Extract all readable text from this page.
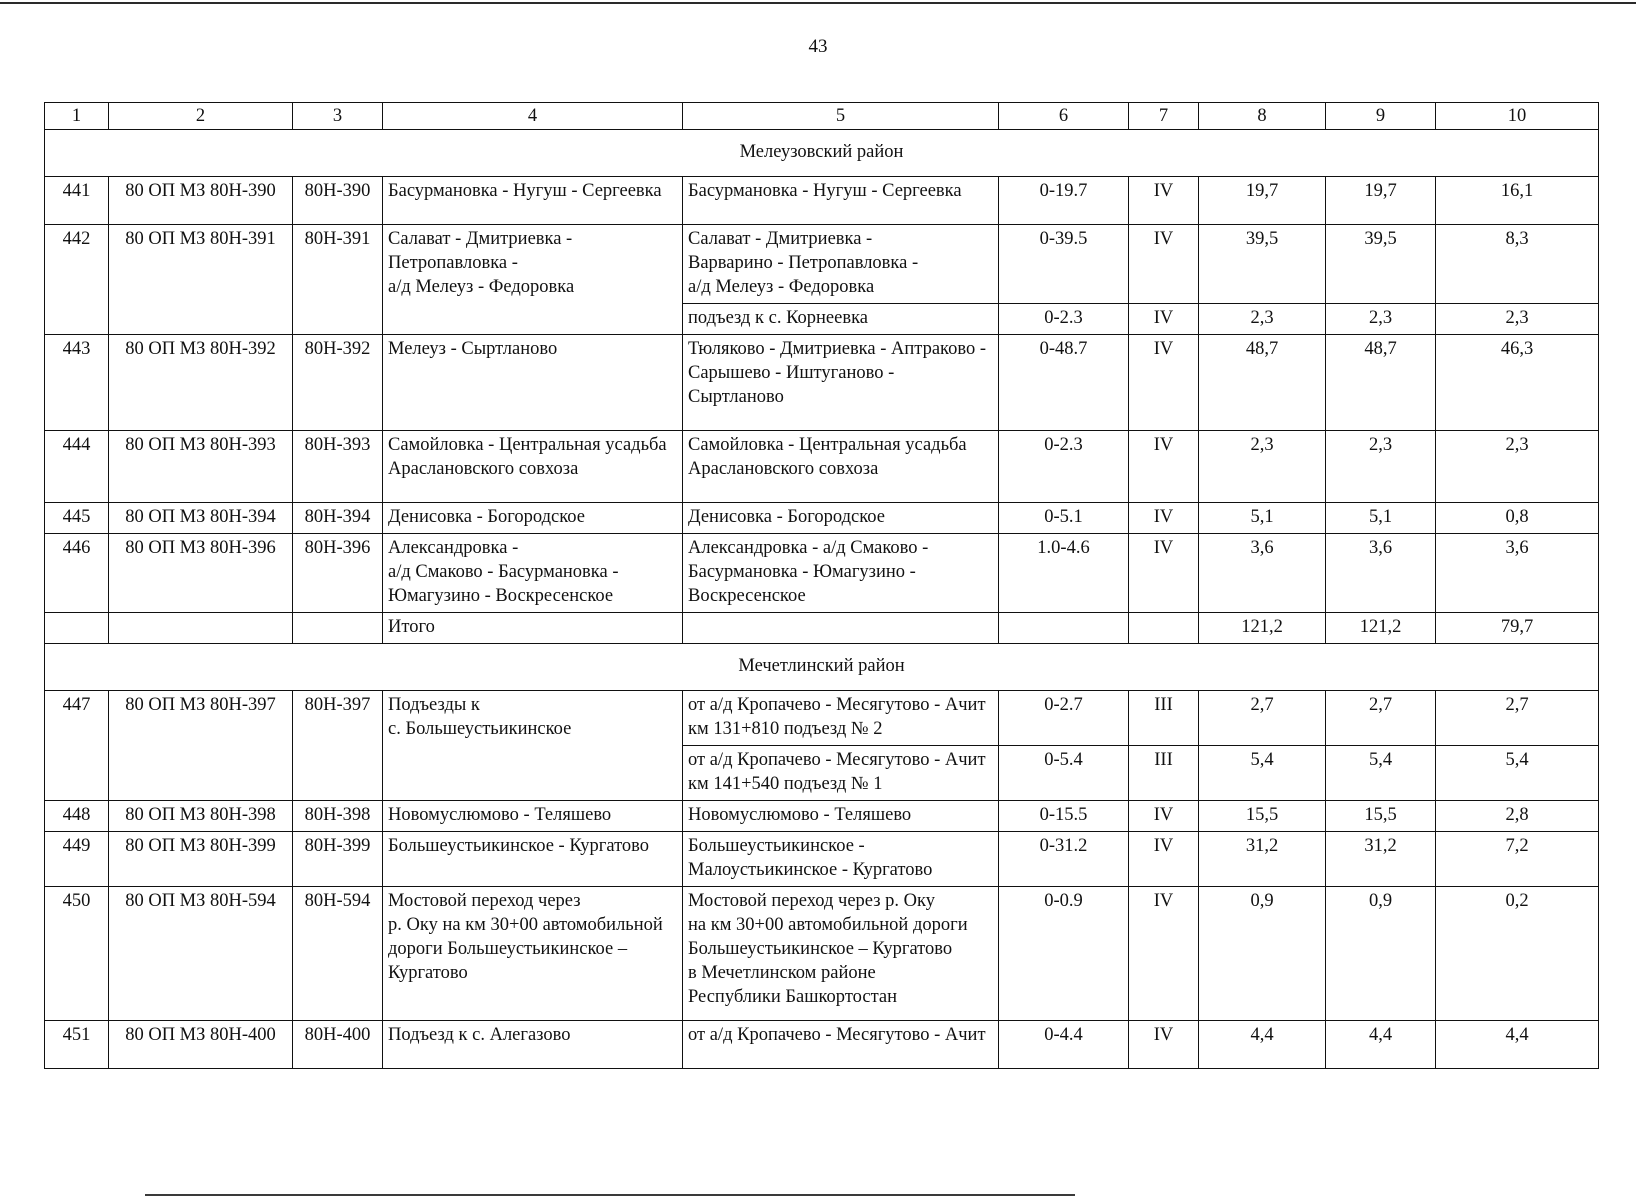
43
1	2	3	4	5	6	7	8	9	10
Мелеузовский район									
441	80 ОП МЗ 80Н-390	80Н-390	Басурмановка - Нугуш - Сергеевка	Басурмановка - Нугуш - Сергеевка	0-19.7	IV	19,7	19,7	16,1
442	80 ОП МЗ 80Н-391	80Н-391	Салават - Дмитриевка -
Петропавловка -
а/д Мелеуз - Федоровка	Салават - Дмитриевка -
Варварино - Петропавловка -
а/д Мелеуз - Федоровка	0-39.5	IV	39,5	39,5	8,3
				подъезд к с. Корнеевка	0-2.3	IV	2,3	2,3	2,3
443	80 ОП МЗ 80Н-392	80Н-392	Мелеуз - Сыртланово	Тюляково - Дмитриевка - Аптраково -
Сарышево - Иштуганово -
Сыртланово	0-48.7	IV	48,7	48,7	46,3
444	80 ОП МЗ 80Н-393	80Н-393	Самойловка - Центральная усадьба
Араслановского совхоза	Самойловка - Центральная усадьба
Араслановского совхоза	0-2.3	IV	2,3	2,3	2,3
445	80 ОП МЗ 80Н-394	80Н-394	Денисовка - Богородское	Денисовка - Богородское	0-5.1	IV	5,1	5,1	0,8
446	80 ОП МЗ 80Н-396	80Н-396	Александровка -
а/д Смаково - Басурмановка -
Юмагузино - Воскресенское	Александровка - а/д Смаково -
Басурмановка - Юмагузино -
Воскресенское	1.0-4.6	IV	3,6	3,6	3,6
			Итого				121,2	121,2	79,7
Мечетлинский район									
447	80 ОП МЗ 80Н-397	80Н-397	Подъезды к
с. Большеустьикинское	от а/д Кропачево - Месягутово - Ачит
км 131+810 подъезд № 2	0-2.7	III	2,7	2,7	2,7
				от а/д Кропачево - Месягутово - Ачит
км 141+540 подъезд № 1	0-5.4	III	5,4	5,4	5,4
448	80 ОП МЗ 80Н-398	80Н-398	Новомуслюмово - Теляшево	Новомуслюмово - Теляшево	0-15.5	IV	15,5	15,5	2,8
449	80 ОП МЗ 80Н-399	80Н-399	Большеустьикинское - Кургатово	Большеустьикинское -
Малоустьикинское - Кургатово	0-31.2	IV	31,2	31,2	7,2
450	80 ОП МЗ 80Н-594	80Н-594	Мостовой переход через
р. Оку на км 30+00 автомобильной
дороги Большеустьикинское –
Кургатово	Мостовой переход через р. Оку
на км 30+00 автомобильной дороги
Большеустьикинское – Кургатово
в Мечетлинском районе
Республики Башкортостан	0-0.9	IV	0,9	0,9	0,2
451	80 ОП МЗ 80Н-400	80Н-400	Подъезд к с. Алегазово	от а/д Кропачево - Месягутово - Ачит	0-4.4	IV	4,4	4,4	4,4
